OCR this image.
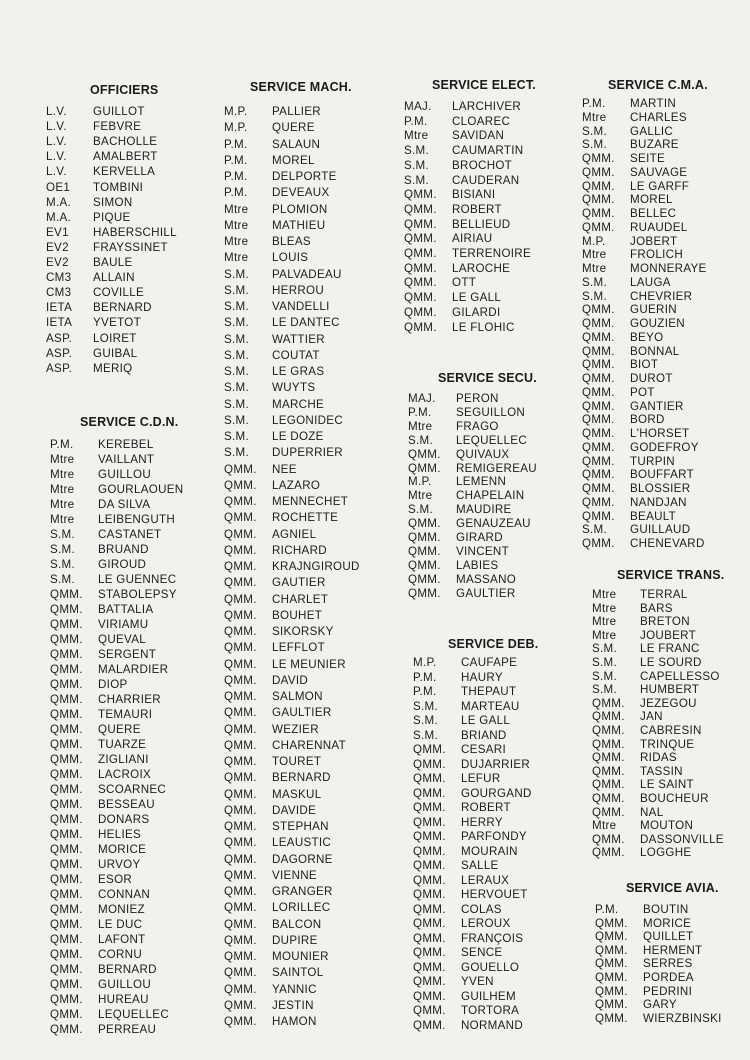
OFFICIERS
L.V. GUILLOT
L.V. FEBVRE
L.V. BACHOLLE
L.V. AMALBERT
L.V. KERVELLA
OE1 TOMBINI
M.A. SIMON
M.A. PIQUE
EV1 HABERSCHILL
EV2 FRAYSSINET
EV2 BAULE
CM3 ALLAIN
CM3 COVILLE
IETA BERNARD
IETA YVETOT
ASP. LOIRET
ASP. GUIBAL
ASP. MERIQ
SERVICE C.D.N.
P.M. KEREBEL
Mtre VAILLANT
Mtre GUILLOU
Mtre GOURLAOUEN
Mtre DA SILVA
Mtre LEIBENGUTH
S.M. CASTANET
S.M. BRUAND
S.M. GIROUD
S.M. LE GUENNEC
QMM. STABOLEPSY
QMM. BATTALIA
QMM. VIRIAMU
QMM. QUEVAL
QMM. SERGENT
QMM. MALARDIER
QMM. DIOP
QMM. CHARRIER
QMM. TEMAURI
QMM. QUERE
QMM. TUARZE
QMM. ZIGLIANI
QMM. LACROIX
QMM. SCOARNEC
QMM. BESSEAU
QMM. DONARS
QMM. HELIES
QMM. MORICE
QMM. URVOY
QMM. ESOR
QMM. CONNAN
QMM. MONIEZ
QMM. LE DUC
QMM. LAFONT
QMM. CORNU
QMM. BERNARD
QMM. GUILLOU
QMM. HUREAU
QMM. LEQUELLEC
QMM. PERREAU
SERVICE MACH.
M.P. PALLIER
M.P. QUERE
P.M. SALAUN
P.M. MOREL
P.M. DELPORTE
P.M. DEVEAUX
Mtre PLOMION
Mtre MATHIEU
Mtre BLEAS
Mtre LOUIS
S.M. PALVADEAU
S.M. HERROU
S.M. VANDELLI
S.M. LE DANTEC
S.M. WATTIER
S.M. COUTAT
S.M. LE GRAS
S.M. WUYTS
S.M. MARCHE
S.M. LEGONIDEC
S.M. LE DOZE
S.M. DUPERRIER
QMM. NEE
QMM. LAZARO
QMM. MENNECHET
QMM. ROCHETTE
QMM. AGNIEL
QMM. RICHARD
QMM. KRAJNGIROUD
QMM. GAUTIER
QMM. CHARLET
QMM. BOUHET
QMM. SIKORSKY
QMM. LEFFLOT
QMM. LE MEUNIER
QMM. DAVID
QMM. SALMON
QMM. GAULTIER
QMM. WEZIER
QMM. CHARENNAT
QMM. TOURET
QMM. BERNARD
QMM. MASKUL
QMM. DAVIDE
QMM. STEPHAN
QMM. LEAUSTIC
QMM. DAGORNE
QMM. VIENNE
QMM. GRANGER
QMM. LORILLEC
QMM. BALCON
QMM. DUPIRE
QMM. MOUNIER
QMM. SAINTOL
QMM. YANNIC
QMM. JESTIN
QMM. HAMON
SERVICE ELECT.
MAJ. LARCHIVER
P.M. CLOAREC
Mtre SAVIDAN
S.M. CAUMARTIN
S.M. BROCHOT
S.M. CAUDERAN
QMM. BISIANI
QMM. ROBERT
QMM. BELLIEUD
QMM. AIRIAU
QMM. TERRENOIRE
QMM. LAROCHE
QMM. OTT
QMM. LE GALL
QMM. GILARDI
QMM. LE FLOHIC
SERVICE SECU.
MAJ. PERON
P.M. SEGUILLON
Mtre FRAGO
S.M. LEQUELLEC
QMM. QUIVAUX
QMM. REMIGEREAU
M.P. LEMENN
Mtre CHAPELAIN
S.M. MAUDIRE
QMM. GENAUZEAU
QMM. GIRARD
QMM. VINCENT
QMM. LABIES
QMM. MASSANO
QMM. GAULTIER
SERVICE DEB.
M.P. CAUFAPE
P.M. HAURY
P.M. THEPAUT
S.M. MARTEAU
S.M. LE GALL
S.M. BRIAND
QMM. CESARI
QMM. DUJARRIER
QMM. LEFUR
QMM. GOURGAND
QMM. ROBERT
QMM. HERRY
QMM. PARFONDY
QMM. MOURAIN
QMM. SALLE
QMM. LERAUX
QMM. HERVOUET
QMM. COLAS
QMM. LEROUX
QMM. FRANÇOIS
QMM. SENCE
QMM. GOUELLO
QMM. YVEN
QMM. GUILHEM
QMM. TORTORA
QMM. NORMAND
SERVICE C.M.A.
P.M. MARTIN
Mtre CHARLES
S.M. GALLIC
S.M. BUZARE
QMM. SEITE
QMM. SAUVAGE
QMM. LE GARFF
QMM. MOREL
QMM. BELLEC
QMM. RUAUDEL
M.P. JOBERT
Mtre FROLICH
Mtre MONNERAYE
S.M. LAUGA
S.M. CHEVRIER
QMM. GUERIN
QMM. GOUZIEN
QMM. BEYO
QMM. BONNAL
QMM. BIOT
QMM. DUROT
QMM. POT
QMM. GANTIER
QMM. BORD
QMM. L'HORSET
QMM. GODEFROY
QMM. TURPIN
QMM. BOUFFART
QMM. BLOSSIER
QMM. NANDJAN
QMM. BEAULT
S.M. GUILLAUD
QMM. CHENEVARD
SERVICE TRANS.
Mtre TERRAL
Mtre BARS
Mtre BRETON
Mtre JOUBERT
S.M. LE FRANC
S.M. LE SOURD
S.M. CAPELLESSO
S.M. HUMBERT
QMM. JEZEGOU
QMM. JAN
QMM. CABRESIN
QMM. TRINQUE
QMM. RIDAS
QMM. TASSIN
QMM. LE SAINT
QMM. BOUCHEUR
QMM. NAL
Mtre MOUTON
QMM. DASSONVILLE
QMM. LOGGHE
SERVICE AVIA.
P.M. BOUTIN
QMM. MORICE
QMM. QUILLET
QMM. HERMENT
QMM. SERRES
QMM. PORDEA
QMM. PEDRINI
QMM. GARY
QMM. WIERZBINSKI
